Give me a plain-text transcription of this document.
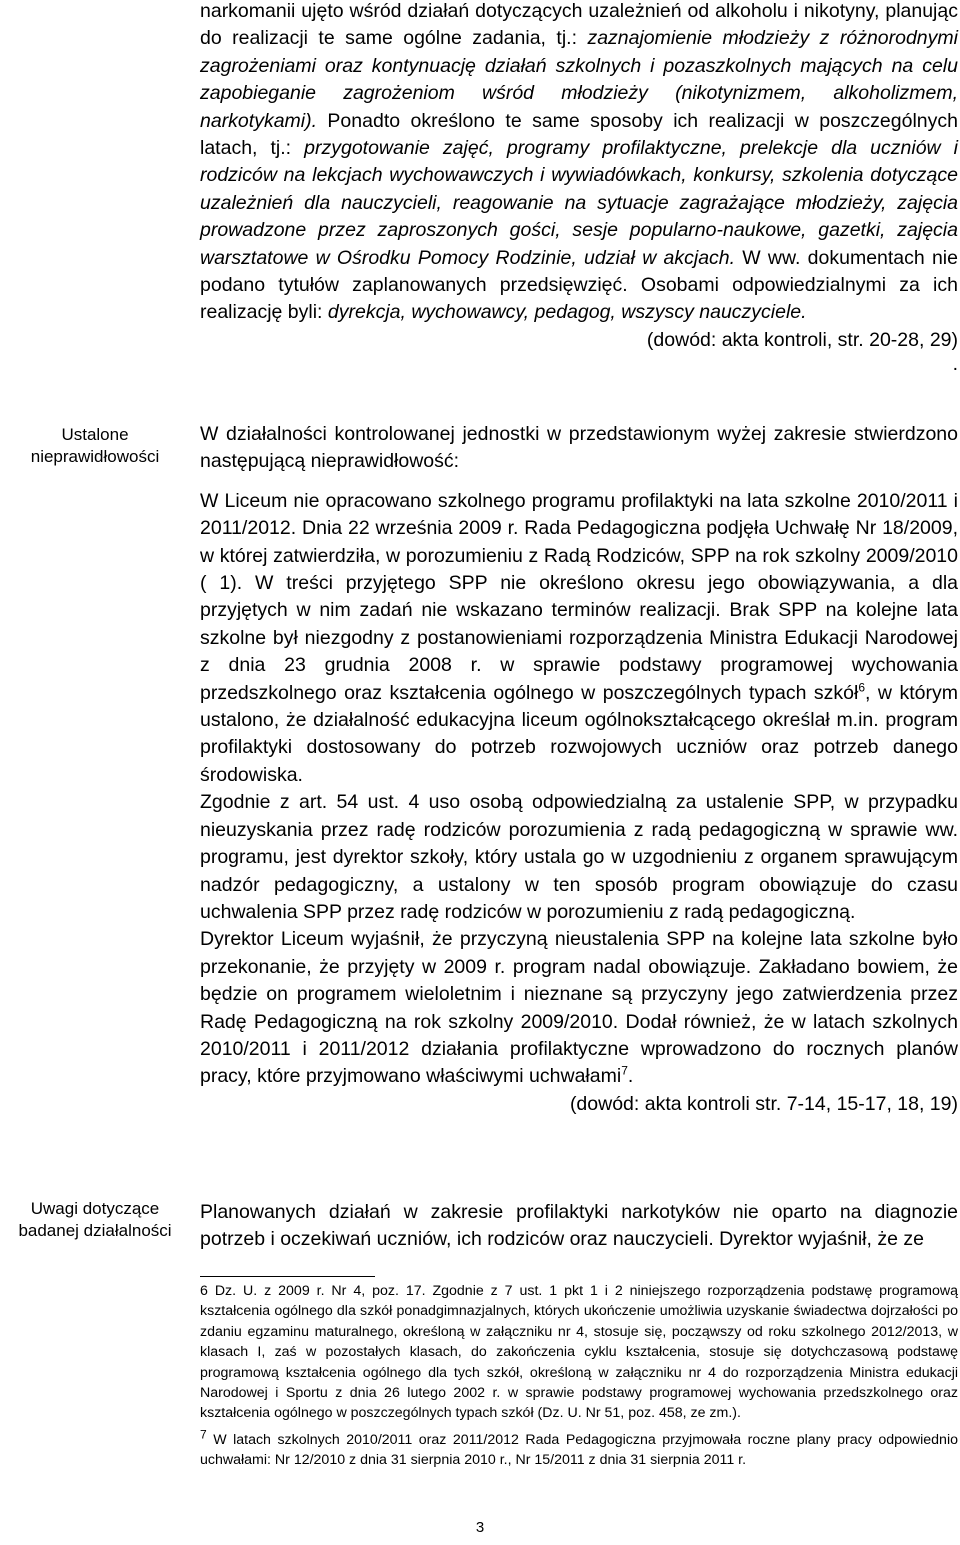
narkomanii ujęto wśród działań dotyczących uzależnień od alkoholu i nikotyny, planując do realizacji te same ogólne zadania, tj.: zaznajomienie młodzieży z różnorodnymi zagrożeniami oraz kontynuację działań szkolnych i pozaszkolnych mających na celu zapobieganie zagrożeniom wśród młodzieży (nikotynizmem, alkoholizmem, narkotykami). Ponadto określono te same sposoby ich realizacji w poszczególnych latach, tj.: przygotowanie zajęć, programy profilaktyczne, prelekcje dla uczniów i rodziców na lekcjach wychowawczych i wywiadówkach, konkursy, szkolenia dotyczące uzależnień dla nauczycieli, reagowanie na sytuacje zagrażające młodzieży, zajęcia prowadzone przez zaproszonych gości, sesje popularno-naukowe, gazetki, zajęcia warsztatowe w Ośrodku Pomocy Rodzinie, udział w akcjach. W ww. dokumentach nie podano tytułów zaplanowanych przedsięwzięć. Osobami odpowiedzialnymi za ich realizację byli: dyrekcja, wychowawcy, pedagog, wszyscy nauczyciele.

(dowód: akta kontroli, str. 20-28, 29)

.

Ustalone nieprawidłowości

W działalności kontrolowanej jednostki w przedstawionym wyżej zakresie stwierdzono następującą nieprawidłowość:

W Liceum nie opracowano szkolnego programu profilaktyki na lata szkolne 2010/2011 i 2011/2012. Dnia 22 września 2009 r. Rada Pedagogiczna podjęła Uchwałę Nr 18/2009, w której zatwierdziła, w porozumieniu z Radą Rodziców, SPP na rok szkolny 2009/2010 ( 1). W treści przyjętego SPP nie określono okresu jego obowiązywania, a dla przyjętych w nim zadań nie wskazano terminów realizacji. Brak SPP na kolejne lata szkolne był niezgodny z postanowieniami rozporządzenia Ministra Edukacji Narodowej z dnia 23 grudnia 2008 r. w sprawie podstawy programowej wychowania przedszkolnego oraz kształcenia ogólnego w poszczególnych typach szkół$^6$, w którym ustalono, że działalność edukacyjna liceum ogólnokształcącego określał m.in. program profilaktyki dostosowany do potrzeb rozwojowych uczniów oraz potrzeb danego środowiska.

Zgodnie z art. 54 ust. 4 uso osobą odpowiedzialną za ustalenie SPP, w przypadku nieuzyskania przez radę rodziców porozumienia z radą pedagogiczną w sprawie ww. programu, jest dyrektor szkoły, który ustala go w uzgodnieniu z organem sprawującym nadzór pedagogiczny, a ustalony w ten sposób program obowiązuje do czasu uchwalenia SPP przez radę rodziców w porozumieniu z radą pedagogiczną.

Dyrektor Liceum wyjaśnił, że przyczyną nieustalenia SPP na kolejne lata szkolne było przekonanie, że przyjęty w 2009 r. program nadal obowiązuje. Zakładano bowiem, że będzie on programem wieloletnim i nieznane są przyczyny jego zatwierdzenia przez Radę Pedagogiczną na rok szkolny 2009/2010. Dodał również, że w latach szkolnych 2010/2011 i 2011/2012 działania profilaktyczne wprowadzono do rocznych planów pracy, które przyjmowano właściwymi uchwałami$^7$.

(dowód: akta kontroli str. 7-14, 15-17, 18, 19)

Uwagi dotyczące badanej działalności

Planowanych działań w zakresie profilaktyki narkotyków nie oparto na diagnozie potrzeb i oczekiwań uczniów, ich rodziców oraz nauczycieli. Dyrektor wyjaśnił, że ze

6 Dz. U. z 2009 r. Nr 4, poz. 17. Zgodnie z 7 ust. 1 pkt 1 i 2 niniejszego rozporządzenia podstawę programową kształcenia ogólnego dla szkół ponadgimnazjalnych, których ukończenie umożliwia uzyskanie świadectwa dojrzałości po zdaniu egzaminu maturalnego, określoną w załączniku nr 4, stosuje się, począwszy od roku szkolnego 2012/2013, w klasach I, zaś w pozostałych klasach, do zakończenia cyklu kształcenia, stosuje się dotychczasową podstawę programową kształcenia ogólnego dla tych szkół, określoną w załączniku nr 4 do rozporządzenia Ministra edukacji Narodowej i Sportu z dnia 26 lutego 2002 r. w sprawie podstawy programowej wychowania przedszkolnego oraz kształcenia ogólnego w poszczególnych typach szkół (Dz. U. Nr 51, poz. 458, ze zm.).

$^7$ W latach szkolnych 2010/2011 oraz 2011/2012 Rada Pedagogiczna przyjmowała roczne plany pracy odpowiednio uchwałami: Nr 12/2010 z dnia 31 sierpnia 2010 r., Nr 15/2011 z dnia 31 sierpnia 2011 r.

3
